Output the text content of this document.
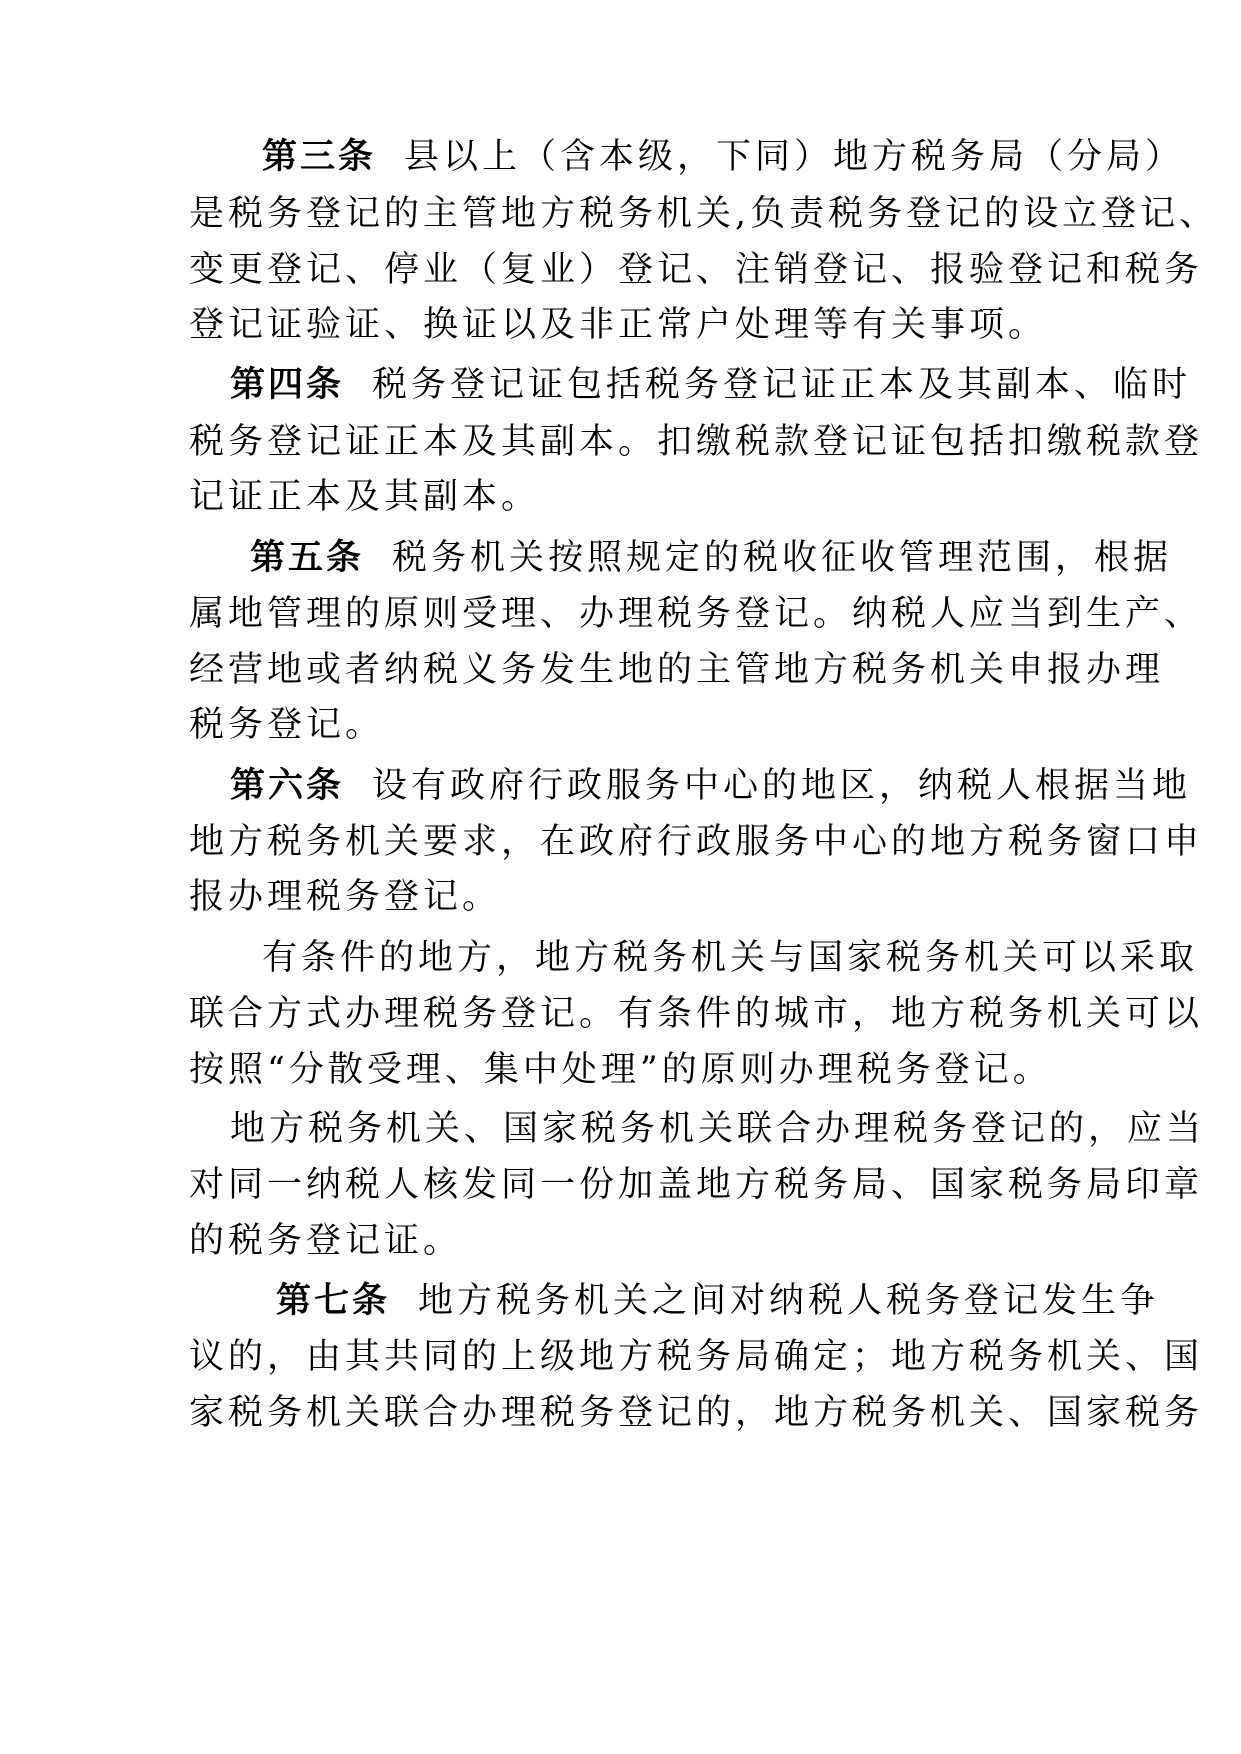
第三条 县以上（含本级，下同）地方税务局（分局）
是税务登记的主管地方税务机关,负责税务登记的设立登记、
变更登记、停业（复业）登记、注销登记、报验登记和税务
登记证验证、换证以及非正常户处理等有关事项。
第四条 税务登记证包括税务登记证正本及其副本、临时
税务登记证正本及其副本。扣缴税款登记证包括扣缴税款登
记证正本及其副本。
第五条 税务机关按照规定的税收征收管理范围，根据
属地管理的原则受理、办理税务登记。纳税人应当到生产、
经营地或者纳税义务发生地的主管地方税务机关申报办理
税务登记。
第六条 设有政府行政服务中心的地区，纳税人根据当地
地方税务机关要求，在政府行政服务中心的地方税务窗口申
报办理税务登记。
有条件的地方，地方税务机关与国家税务机关可以采取
联合方式办理税务登记。有条件的城市，地方税务机关可以
按照“分散受理、集中处理”的原则办理税务登记。
地方税务机关、国家税务机关联合办理税务登记的，应当
对同一纳税人核发同一份加盖地方税务局、国家税务局印章
的税务登记证。
第七条 地方税务机关之间对纳税人税务登记发生争
议的，由其共同的上级地方税务局确定；地方税务机关、国
家税务机关联合办理税务登记的，地方税务机关、国家税务
